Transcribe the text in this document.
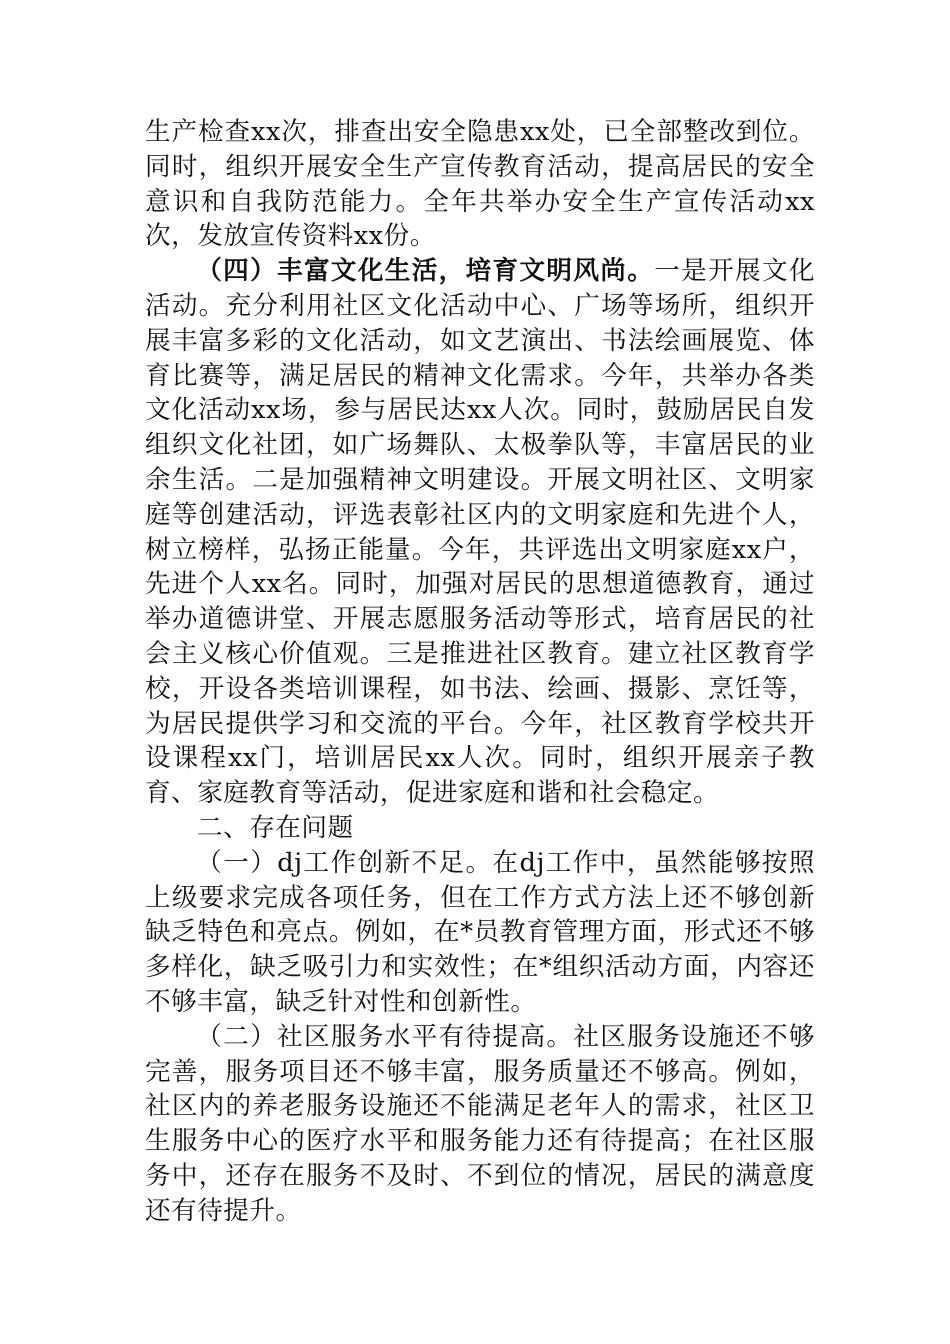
生产检查xx次，排查出安全隐患xx处，已全部整改到位。同时，组织开展安全生产宣传教育活动，提高居民的安全意识和自我防范能力。全年共举办安全生产宣传活动xx次，发放宣传资料xx份。

（四）丰富文化生活，培育文明风尚。一是开展文化活动。充分利用社区文化活动中心、广场等场所，组织开展丰富多彩的文化活动，如文艺演出、书法绘画展览、体育比赛等，满足居民的精神文化需求。今年，共举办各类文化活动xx场，参与居民达xx人次。同时，鼓励居民自发组织文化社团，如广场舞队、太极拳队等，丰富居民的业余生活。二是加强精神文明建设。开展文明社区、文明家庭等创建活动，评选表彰社区内的文明家庭和先进个人，树立榜样，弘扬正能量。今年，共评选出文明家庭xx户，先进个人xx名。同时，加强对居民的思想道德教育，通过举办道德讲堂、开展志愿服务活动等形式，培育居民的社会主义核心价值观。三是推进社区教育。建立社区教育学校，开设各类培训课程，如书法、绘画、摄影、烹饪等，为居民提供学习和交流的平台。今年，社区教育学校共开设课程xx门，培训居民xx人次。同时，组织开展亲子教育、家庭教育等活动，促进家庭和谐和社会稳定。

二、存在问题

（一）dj工作创新不足。在dj工作中，虽然能够按照上级要求完成各项任务，但在工作方式方法上还不够创新缺乏特色和亮点。例如，在*员教育管理方面，形式还不够多样化，缺乏吸引力和实效性；在*组织活动方面，内容还不够丰富，缺乏针对性和创新性。

（二）社区服务水平有待提高。社区服务设施还不够完善，服务项目还不够丰富，服务质量还不够高。例如，社区内的养老服务设施还不能满足老年人的需求，社区卫生服务中心的医疗水平和服务能力还有待提高；在社区服务中，还存在服务不及时、不到位的情况，居民的满意度还有待提升。
